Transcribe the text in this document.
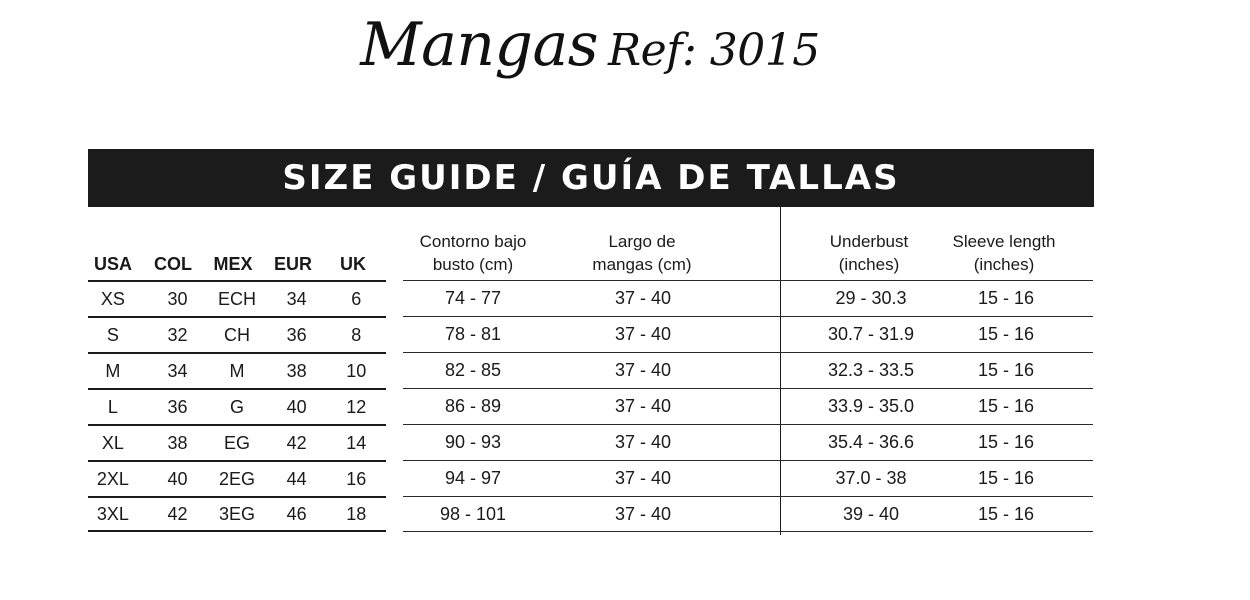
Mangas Ref: 3015
SIZE GUIDE / GUÍA DE TALLAS
USA	COL	MEX	EUR	UK
Contorno bajo
busto (cm)
Largo de
mangas (cm)
Underbust
(inches)
Sleeve length
(inches)
XS	30	ECH	34	6
S	32	CH	36	8
M	34	M	38	10
L	36	G	40	12
XL	38	EG	42	14
2XL	40	2EG	44	16
3XL	42	3EG	46	18
74 - 77	37 - 40	29 - 30.3	15 - 16
78 - 81	37 - 40	30.7 - 31.9	15 - 16
82 - 85	37 - 40	32.3 - 33.5	15 - 16
86 - 89	37 - 40	33.9 - 35.0	15 - 16
90 - 93	37 - 40	35.4 - 36.6	15 - 16
94 - 97	37 - 40	37.0 - 38	15 - 16
98 - 101	37 - 40	39 - 40	15 - 16
